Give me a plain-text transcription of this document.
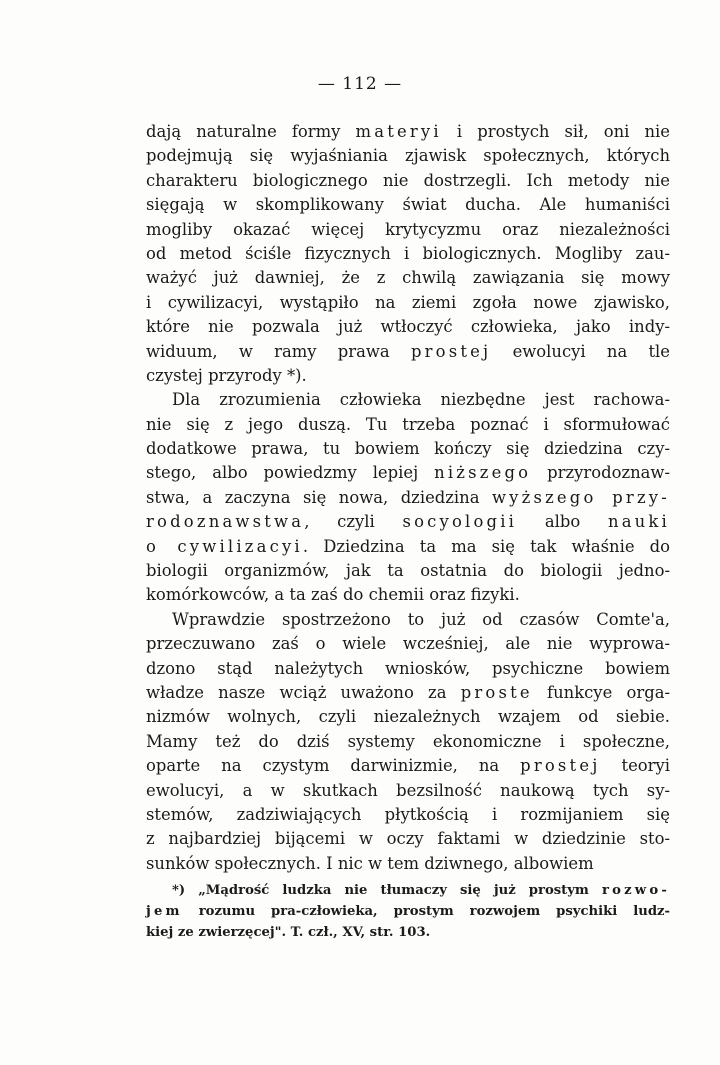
— 112 —
dają naturalne formy materyi i prostych sił, oni nie
podejmują się wyjaśniania zjawisk społecznych, których
charakteru biologicznego nie dostrzegli. Ich metody nie
sięgają w skomplikowany świat ducha. Ale humaniści
mogliby okazać więcej krytycyzmu oraz niezależności
od metod ściśle fizycznych i biologicznych. Mogliby zau-
ważyć już dawniej, że z chwilą zawiązania się mowy
i cywilizacyi, wystąpiło na ziemi zgoła nowe zjawisko,
które nie pozwala już wtłoczyć człowieka, jako indy-
widuum, w ramy prawa prostej ewolucyi na tle
czystej przyrody *).
Dla zrozumienia człowieka niezbędne jest rachowa-
nie się z jego duszą. Tu trzeba poznać i sformułować
dodatkowe prawa, tu bowiem kończy się dziedzina czy-
stego, albo powiedzmy lepiej niższego przyrodoznaw-
stwa, a zaczyna się nowa, dziedzina wyższego przy-
rodoznawstwa, czyli socyologii albo nauki
o cywilizacyi. Dziedzina ta ma się tak właśnie do
biologii organizmów, jak ta ostatnia do biologii jedno-
komórkowców, a ta zaś do chemii oraz fizyki.
Wprawdzie spostrzeżono to już od czasów Comte'a,
przeczuwano zaś o wiele wcześniej, ale nie wyprowa-
dzono stąd należytych wniosków, psychiczne bowiem
władze nasze wciąż uważono za proste funkcye orga-
nizmów wolnych, czyli niezależnych wzajem od siebie.
Mamy też do dziś systemy ekonomiczne i społeczne,
oparte na czystym darwinizmie, na prostej teoryi
ewolucyi, a w skutkach bezsilność naukową tych sy-
stemów, zadziwiających płytkością i rozmijaniem się
z najbardziej bijącemi w oczy faktami w dziedzinie sto-
sunków społecznych. I nic w tem dziwnego, albowiem
*) „Mądrość ludzka nie tłumaczy się już prostym rozwo-
jem rozumu pra-człowieka, prostym rozwojem psychiki ludz-
kiej ze zwierzęcej". T. czł., XV, str. 103.
